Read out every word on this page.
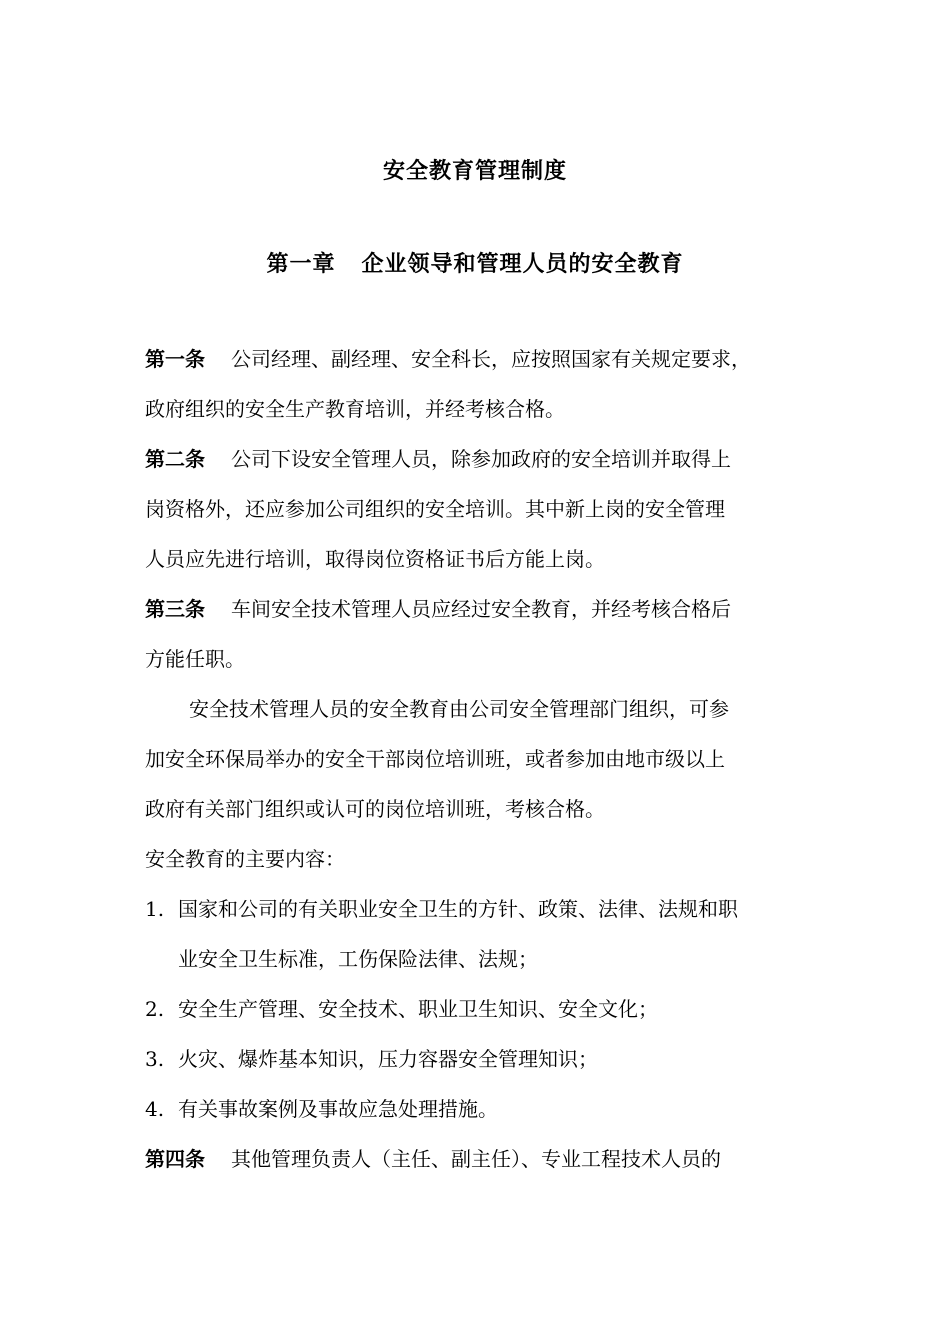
安全教育管理制度
第一章 企业领导和管理人员的安全教育
第一条 公司经理、副经理、安全科长，应按照国家有关规定要求，
政府组织的安全生产教育培训，并经考核合格。
第二条 公司下设安全管理人员，除参加政府的安全培训并取得上
岗资格外，还应参加公司组织的安全培训。其中新上岗的安全管理
人员应先进行培训，取得岗位资格证书后方能上岗。
第三条 车间安全技术管理人员应经过安全教育，并经考核合格后
方能任职。
安全技术管理人员的安全教育由公司安全管理部门组织，可参
加安全环保局举办的安全干部岗位培训班，或者参加由地市级以上
政府有关部门组织或认可的岗位培训班，考核合格。
安全教育的主要内容：
1. 国家和公司的有关职业安全卫生的方针、政策、法律、法规和职
业安全卫生标准，工伤保险法律、法规；
2. 安全生产管理、安全技术、职业卫生知识、安全文化；
3. 火灾、爆炸基本知识，压力容器安全管理知识；
4. 有关事故案例及事故应急处理措施。
第四条 其他管理负责人（主任、副主任）、专业工程技术人员的
